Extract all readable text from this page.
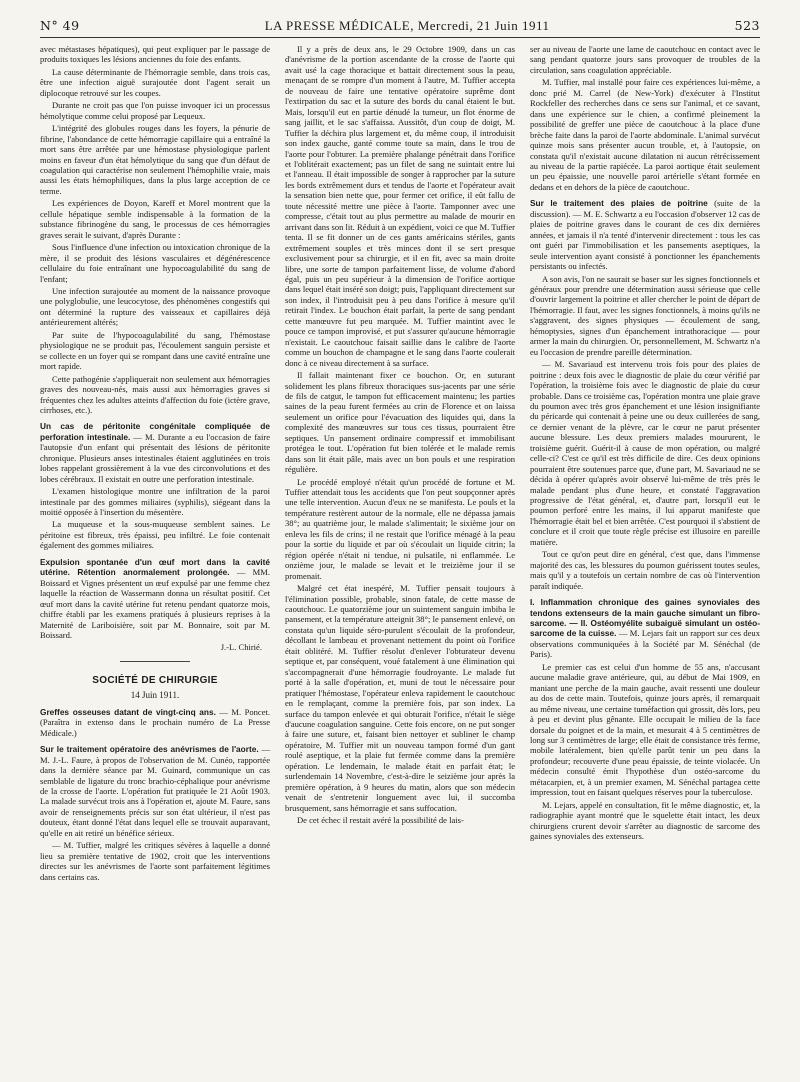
N° 49	LA PRESSE MÉDICALE, Mercredi, 21 Juin 1911	523

avec métastases hépatiques), qui peut expliquer par le passage de produits toxiques les lésions anciennes du foie des enfants.

La cause déterminante de l'hémorragie semble, dans trois cas, être une infection aiguë surajoutée dont l'agent serait un diplocoque retrouvé sur les coupes.

Durante ne croit pas que l'on puisse invoquer ici un processus hémolytique comme celui proposé par Lequeux.

L'intégrité des globules rouges dans les foyers, la pénurie de fibrine, l'abondance de cette hémorragie capillaire qui a entraîné la mort sans être arrêtée par une hémostase physiologique parlent moins en faveur d'un état hémolytique du sang que d'un défaut de coagulation qui caractérise non seulement l'hémophilie vraie, mais aussi les états hémophiliques, dans la plus large acception de ce terme.

Les expériences de Doyon, Kareff et Morel montrent que la cellule hépatique semble indispensable à la formation de la substance fibrinogène du sang, le processus de ces hémorragies graves serait le suivant, d'après Durante :

Sous l'influence d'une infection ou intoxication chronique de la mère, il se produit des lésions vasculaires et dégénérescence cellulaire du foie entraînant une hypocoagulabilité du sang de l'enfant;

Une infection surajoutée au moment de la naissance provoque une polyglobulie, une leucocytose, des phénomènes congestifs qui ont déterminé la rupture des vaisseaux et capillaires déjà antérieurement altérés;

Par suite de l'hypocoagulabilité du sang, l'hémostase physiologique ne se produit pas, l'écoulement sanguin persiste et se collecte en un foyer qui se rompant dans une cavité entraîne une mort rapide.

Cette pathogénie s'appliquerait non seulement aux hémorragies graves des nouveau-nés, mais aussi aux hémorragies graves si fréquentes chez les adultes atteints d'affection du foie (ictère grave, cirrhoses, etc.).

Un cas de péritonite congénitale compliquée de perforation intestinale. — M. Durante a eu l'occasion de faire l'autopsie d'un enfant qui présentait des lésions de péritonite chronique. Plusieurs anses intestinales étaient agglutinées en trois lobes rappelant grossièrement à la vue des circonvolutions et des lobes cérébraux. Il existait en outre une perforation intestinale.

L'examen histologique montre une infiltration de la paroi intestinale par des gommes miliaires (syphilis), siégeant dans la moitié opposée à l'insertion du mésentère.

La muqueuse et la sous-muqueuse semblent saines. Le péritoine est fibreux, très épaissi, peu infiltré. Le foie contenait également des gommes miliaires.

Expulsion spontanée d'un œuf mort dans la cavité utérine. Rétention anormalement prolongée. — MM. Boissard et Vignes présentent un œuf expulsé par une femme chez laquelle la réaction de Wassermann donna un résultat positif. Cet œuf mort dans la cavité utérine fut retenu pendant quatorze mois, chiffre établi par les examens pratiqués à plusieurs reprises à la Maternité de Lariboisière, soit par M. Bonnaire, soit par M. Boissard.

J.-L. Chirié.
SOCIÉTÉ DE CHIRURGIE
14 Juin 1911.

Greffes osseuses datant de vingt-cinq ans. — M. Poncet. (Paraîtra in extenso dans le prochain numéro de La Presse Médicale.)

Sur le traitement opératoire des anévrismes de l'aorte. — M. J.-L. Faure, à propos de l'observation de M. Cunéo, rapportée dans la dernière séance par M. Guinard, communique un cas semblable de ligature du tronc brachio-céphalique pour anévrisme de la crosse de l'aorte. L'opération fut pratiquée le 21 Août 1903. La malade survécut trois ans à l'opération et, ajoute M. Faure, sans avoir de renseignements précis sur son état ultérieur, il n'est pas douteux, étant donné l'état dans lequel elle se trouvait auparavant, qu'elle en ait retiré un bénéfice sérieux.

— M. Tuffier, malgré les critiques sévères à laquelle a donné lieu sa première tentative de 1902, croit que les interventions directes sur les anévrismes de l'aorte sont parfaitement légitimes dans certains cas.

Il y a près de deux ans, le 29 Octobre 1909, dans un cas d'anévrisme de la portion ascendante de la crosse de l'aorte qui avait usé la cage thoracique et battait directement sous la peau, menaçant de se rompre d'un moment à l'autre, M. Tuffier accepta de nouveau de faire une tentative opératoire suprême dont l'extirpation du sac et la suture des bords du canal étaient le but. Mais, lorsqu'il eut en partie dénudé la tumeur, un flot énorme de sang jaillit, et le sac s'affaissa. Aussitôt, d'un coup de doigt, M. Tuffier la déchira plus largement et, du même coup, il introduisit son index gauche, ganté comme toute sa main, dans le trou de l'aorte pour l'obturer. La première phalange pénétrait dans l'orifice et l'oblitérait exactement; pas un filet de sang ne suintait entre lui et l'anneau. Il était impossible de songer à rapprocher par la suture les bords extrêmement durs et tendus de l'aorte et l'opérateur avait la sensation bien nette que, pour fermer cet orifice, il eût fallu de toute nécessité mettre une pièce à l'aorte. Tamponner avec une compresse, c'était tout au plus permettre au malade de mourir en arrivant dans son lit. Réduit à un expédient, voici ce que M. Tuffier tenta. Il se fit donner un de ces gants américains stériles, gants extrêmement souples et très minces dont il se sert presque exclusivement pour sa chirurgie, et il en fit, avec sa main droite libre, une sorte de tampon parfaitement lisse, de volume d'abord égal, puis un peu supérieur à la dimension de l'orifice aortique dans lequel était inséré son doigt; puis, l'appliquant directement sur son index, il l'introduisit peu à peu dans l'orifice à mesure qu'il retirait l'index. Le bouchon était parfait, la perte de sang pendant cette manœuvre fut peu marquée. M. Tuffier maintint avec le pouce ce tampon improvisé, et put s'assurer qu'aucune hémorragie n'existait. Le caoutchouc faisait saillie dans le calibre de l'aorte comme un bouchon de champagne et le sang dans l'aorte coulerait donc à ce niveau directement à sa surface.

Il fallait maintenant fixer ce bouchon. Or, en suturant solidement les plans fibreux thoraciques sus-jacents par une série de fils de catgut, le tampon fut efficacement maintenu; les parties saines de la peau furent fermées au crin de Florence et on laissa seulement un orifice pour l'évacuation des liquides qui, dans la complexité des manœuvres sur tous ces tissus, pourraient être septiques. Un pansement ordinaire compressif et immobilisant protégea le tout. L'opération fut bien tolérée et le malade remis dans son lit était pâle, mais avec un bon pouls et une respiration régulière.

Le procédé employé n'était qu'un procédé de fortune et M. Tuffier attendait tous les accidents que l'on peut soupçonner après une telle intervention. Aucun d'eux ne se manifesta. Le pouls et la température restèrent autour de la normale, elle ne dépassa jamais 38°; au quatrième jour, le malade s'alimentait; le sixième jour on enleva les fils de crins; il ne restait que l'orifice ménagé à la peau pour la sortie du liquide et par où s'écoulait un liquide citrin; la région opérée n'était ni tendue, ni pulsatile, ni enflammée. Le onzième jour, le malade se levait et le treizième jour il se promenait.

Malgré cet état inespéré, M. Tuffier pensait toujours à l'élimination possible, probable, sinon fatale, de cette masse de caoutchouc. Le quatorzième jour un suintement sanguin imbiba le pansement, et la température atteignit 38°; le pansement enlevé, on constata qu'un liquide séro-purulent s'écoulait de la profondeur, décollant le lambeau et provenant nettement du point où l'orifice était oblitéré. M. Tuffier résolut d'enlever l'obturateur devenu septique et, par conséquent, voué fatalement à une élimination qui s'accompagnerait d'une hémorragie foudroyante. Le malade fut porté à la salle d'opération, et, muni de tout le nécessaire pour pratiquer l'hémostase, l'opérateur enleva rapidement le caoutchouc en le remplaçant, comme la première fois, par son index. La surface du tampon enlevée et qui obturait l'orifice, n'était le siège d'aucune coagulation sanguine. Cette fois encore, on ne put songer à faire une suture, et, faisant bien nettoyer et subliner le champ opératoire, M. Tuffier mit un nouveau tampon formé d'un gant roulé aseptique, et la plaie fut fermée comme dans la première opération. Le lendemain, le malade était en parfait état; le surlendemain 14 Novembre, c'est-à-dire le seizième jour après la première opération, à 9 heures du matin, alors que son médecin venait de s'entretenir longuement avec lui, il succomba brusquement, sans hémorragie et sans suffocation.

De cet échec il restait avéré la possibilité de lais-

ser au niveau de l'aorte une lame de caoutchouc en contact avec le sang pendant quatorze jours sans provoquer de troubles de la circulation, sans coagulation appréciable.

M. Tuffier, mal installé pour faire ces expériences lui-même, a donc prié M. Carrel (de New-York) d'exécuter à l'Institut Rockfeller des recherches dans ce sens sur l'animal, et ce savant, dans une expérience sur le chien, a confirmé pleinement la possibilité de greffer une pièce de caoutchouc à la place d'une brèche faite dans la paroi de l'aorte abdominale. L'animal survécut quinze mois sans présenter aucun trouble, et, à l'autopsie, on constata qu'il n'existait aucune dilatation ni aucun rétrécissement au niveau de la partie rapiécée. La paroi aortique était seulement un peu épaissie, une nouvelle paroi artérielle s'étant formée en dedans et en dehors de la pièce de caoutchouc.

Sur le traitement des plaies de poitrine (suite de la discussion). — M. E. Schwartz a eu l'occasion d'observer 12 cas de plaies de poitrine graves dans le courant de ces dix dernières années, et jamais il n'a tenté d'intervenir directement : tous les cas ont guéri par l'immobilisation et les pansements aseptiques, la seule intervention ayant consisté à ponctionner les épanchements persistants ou infectés.

A son avis, l'on ne saurait se baser sur les signes fonctionnels et généraux pour prendre une détermination aussi sérieuse que celle d'ouvrir largement la poitrine et aller chercher le point de départ de l'hémorragie. Il faut, avec les signes fonctionnels, à moins qu'ils ne s'aggravent, des signes physiques — écoulement de sang, hémoptysies, signes d'un épanchement intrathoracique — pour armer la main du chirurgien. Or, personnellement, M. Schwartz n'a eu l'occasion de prendre pareille détermination.

— M. Savariaud est intervenu trois fois pour des plaies de poitrine : deux fois avec le diagnostic de plaie du cœur vérifié par l'opération, la troisième fois avec le diagnostic de plaie du cœur probable. Dans ce troisième cas, l'opération montra une plaie grave du poumon avec très gros épanchement et une lésion insignifiante du péricarde qui contenait à peine une ou deux cuillerées de sang, ce dernier venant de la plèvre, car le cœur ne parut présenter aucune blessure. Les deux premiers malades moururent, le troisième guérit. Guérit-il à cause de mon opération, ou malgré celle-ci? C'est ce qu'il est très difficile de dire. Ces deux opinions pourraient être soutenues parce que, d'une part, M. Savariaud ne se décida à opérer qu'après avoir observé lui-même de très près le malade pendant plus d'une heure, et constaté l'aggravation progressive de l'état général, et, d'autre part, lorsqu'il eut le poumon perforé entre les mains, il lui apparut manifeste que l'hémorragie était bel et bien arrêtée. C'est pourquoi il s'abstient de conclure et il croit que toute règle précise est illusoire en pareille matière.

Tout ce qu'on peut dire en général, c'est que, dans l'immense majorité des cas, les blessures du poumon guérissent toutes seules, mais qu'il y a toutefois un certain nombre de cas où l'intervention paraît indiquée.

I. Inflammation chronique des gaines synoviales des tendons extenseurs de la main gauche simulant un fibro-sarcome. — II. Ostéomyélite subaiguë simulant un ostéo-sarcome de la cuisse. — M. Lejars fait un rapport sur ces deux observations communiquées à la Société par M. Sénéchal (de Paris).

Le premier cas est celui d'un homme de 55 ans, n'accusant aucune maladie grave antérieure, qui, au début de Mai 1909, en maniant une perche de la main gauche, avait ressenti une douleur au dos de cette main. Toutefois, quinze jours après, il remarquait au même niveau, une certaine tuméfaction qui grossit, dès lors, peu à peu et devint plus gênante. Elle occupait le milieu de la face dorsale du poignet et de la main, et mesurait 4 à 5 centimètres de long sur 3 centimètres de large; elle était de consistance très ferme, mobile latéralement, bien qu'elle parût tenir un peu dans la profondeur; recouverte d'une peau épaissie, de teinte violacée. Un médecin consulté émit l'hypothèse d'un ostéo-sarcome du métacarpien, et, à un premier examen, M. Sénéchal partagea cette impression, tout en faisant quelques réserves pour la tuberculose.

M. Lejars, appelé en consultation, fit le même diagnostic, et, la radiographie ayant montré que le squelette était intact, les deux chirurgiens crurent devoir s'arrêter au diagnostic de sarcome des gaines synoviales des extenseurs.
